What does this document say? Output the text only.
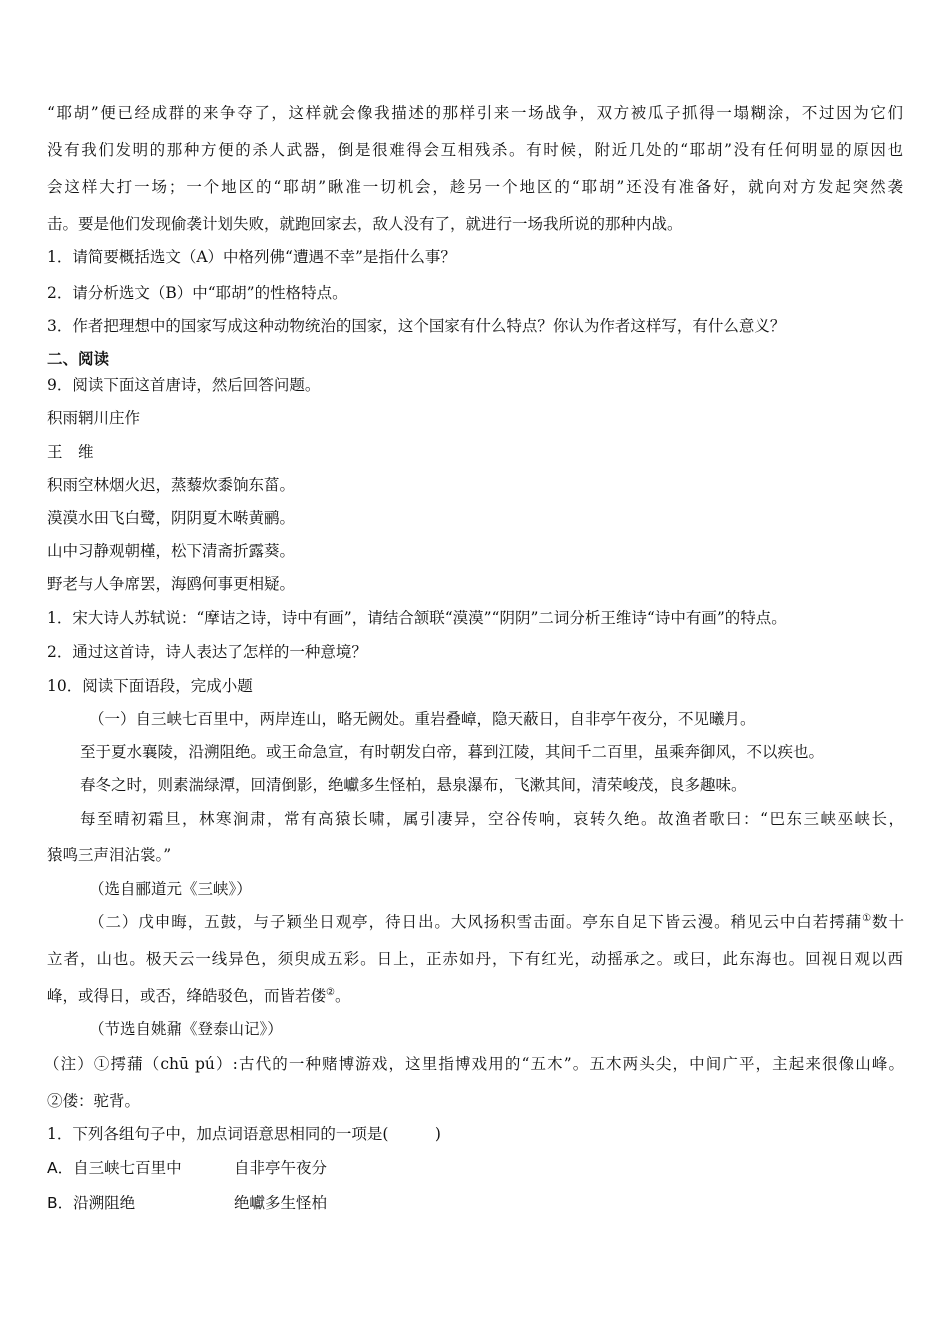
“耶胡”便已经成群的来争夺了，这样就会像我描述的那样引来一场战争，双方被瓜子抓得一塌糊涂，不过因为它们
没有我们发明的那种方便的杀人武器，倒是很难得会互相残杀。有时候，附近几处的“耶胡”没有任何明显的原因也
会这样大打一场；一个地区的“耶胡”瞅准一切机会，趁另一个地区的“耶胡”还没有准备好，就向对方发起突然袭
击。要是他们发现偷袭计划失败，就跑回家去，敌人没有了，就进行一场我所说的那种内战。
1．请简要概括选文（A）中格列佛“遭遇不幸”是指什么事？
2．请分析选文（B）中“耶胡”的性格特点。
3．作者把理想中的国家写成这种动物统治的国家，这个国家有什么特点？你认为作者这样写，有什么意义？
二、阅读
9．阅读下面这首唐诗，然后回答问题。
积雨辋川庄作
王　维
积雨空林烟火迟，蒸藜炊黍饷东菑。
漠漠水田飞白鹭，阴阴夏木啭黄鹂。
山中习静观朝槿，松下清斋折露葵。
野老与人争席罢，海鸥何事更相疑。
1．宋大诗人苏轼说：“摩诘之诗，诗中有画”，请结合颔联“漠漠”“阴阴”二词分析王维诗“诗中有画”的特点。
2．通过这首诗，诗人表达了怎样的一种意境？
10．阅读下面语段，完成小题
（一）自三峡七百里中，两岸连山，略无阙处。重岩叠嶂，隐天蔽日，自非亭午夜分，不见曦月。
至于夏水襄陵，沿溯阻绝。或王命急宣，有时朝发白帝，暮到江陵，其间千二百里，虽乘奔御风，不以疾也。
春冬之时，则素湍绿潭，回清倒影，绝巘多生怪柏，悬泉瀑布，飞漱其间，清荣峻茂，良多趣味。
每至晴初霜旦，林寒涧肃，常有高猿长啸，属引凄异，空谷传响，哀转久绝。故渔者歌曰：“巴东三峡巫峡长，
猿鸣三声泪沾裳。”
（选自郦道元《三峡》）
（二）戊申晦，五鼓，与子颖坐日观亭，待日出。大风扬积雪击面。亭东自足下皆云漫。稍见云中白若摴蒱①数十
立者，山也。极天云一线异色，须臾成五彩。日上，正赤如丹，下有红光，动摇承之。或曰，此东海也。回视日观以西
峰，或得日，或否，绛皓驳色，而皆若偻②。
（节选自姚鼐《登泰山记》）
（注）①摴蒱（chū pú）:古代的一种赌博游戏，这里指博戏用的“五木”。五木两头尖，中间广平，主起来很像山峰。
②偻：驼背。
1．下列各组句子中，加点词语意思相同的一项是(　　　)
A．自三峡七百里中	自非亭午夜分
B．沿溯阻绝	绝巘多生怪柏
